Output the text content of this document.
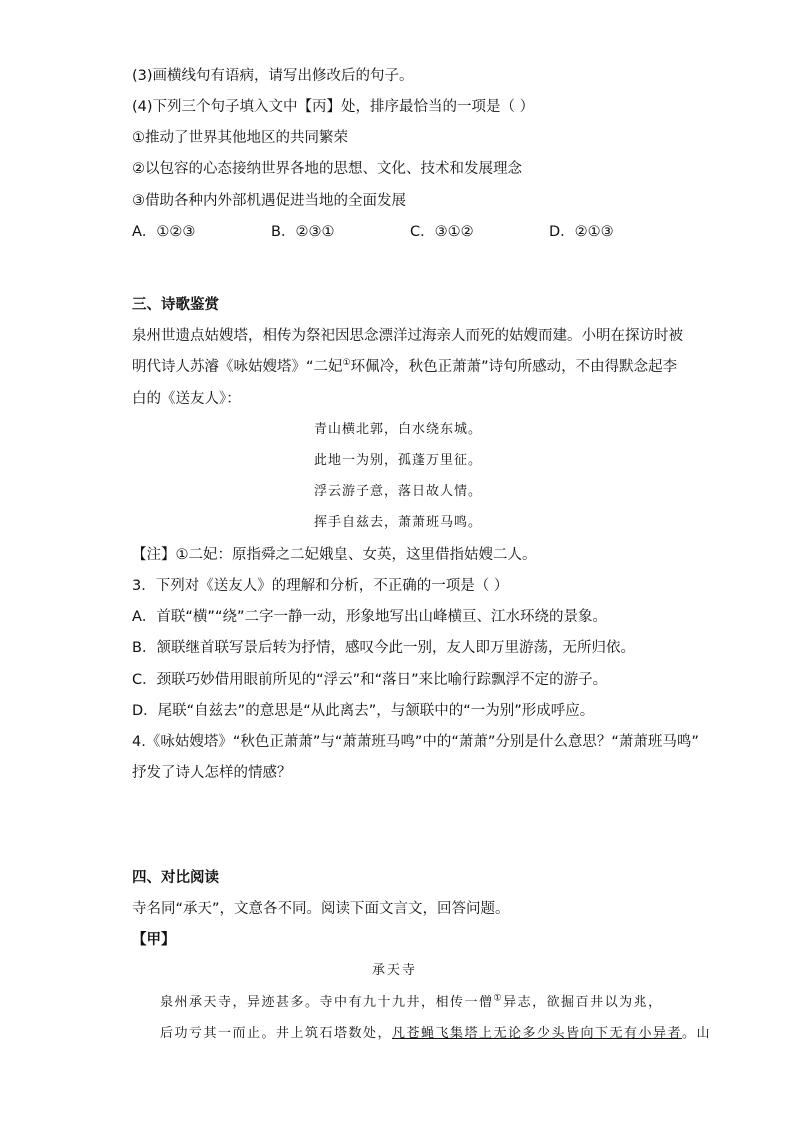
(3)画横线句有语病，请写出修改后的句子。
(4)下列三个句子填入文中【丙】处，排序最恰当的一项是（ ）
①推动了世界其他地区的共同繁荣
②以包容的心态接纳世界各地的思想、文化、技术和发展理念
③借助各种内外部机遇促进当地的全面发展
A．①②③	B．②③①	C．③①②	D．②①③
三、诗歌鉴赏
泉州世遗点姑嫂塔，相传为祭祀因思念漂洋过海亲人而死的姑嫂而建。小明在探访时被
明代诗人苏濬《咏姑嫂塔》“二妃①环佩冷，秋色正萧萧”诗句所感动，不由得默念起李
白的《送友人》：
青山横北郭，白水绕东城。
此地一为别，孤蓬万里征。
浮云游子意，落日故人情。
挥手自兹去，萧萧班马鸣。
【注】①二妃：原指舜之二妃娥皇、女英，这里借指姑嫂二人。
3．下列对《送友人》的理解和分析，不正确的一项是（ ）
A．首联“横”“绕”二字一静一动，形象地写出山峰横亘、江水环绕的景象。
B．颔联继首联写景后转为抒情，感叹今此一别，友人即万里游荡，无所归依。
C．颈联巧妙借用眼前所见的“浮云”和“落日”来比喻行踪飘浮不定的游子。
D．尾联“自兹去”的意思是“从此离去”，与颔联中的“一为别”形成呼应。
4.《咏姑嫂塔》“秋色正萧萧”与“萧萧班马鸣”中的“萧萧”分别是什么意思？“萧萧班马鸣”
抒发了诗人怎样的情感？
四、对比阅读
寺名同“承天”，文意各不同。阅读下面文言文，回答问题。
【甲】
承天寺
泉州承天寺，异迹甚多。寺中有九十九井，相传一僧①异志，欲掘百井以为兆，
后功亏其一而止。井上筑石塔数处，凡苍蝇飞集塔上无论多少头皆向下无有小异者。山
